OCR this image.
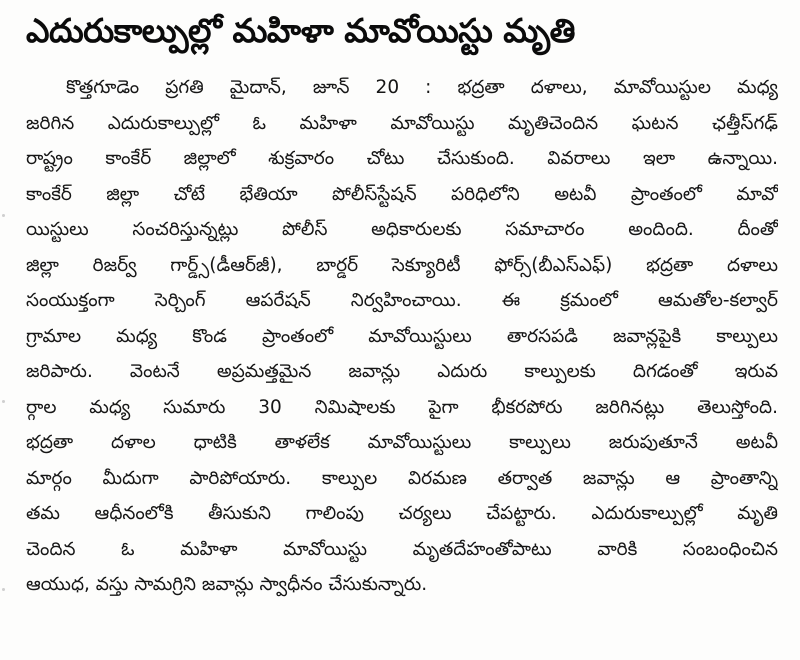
ఎదురుకాల్పుల్లో మహిళా మావోయిస్టు మృతి
కొత్తగూడెం ప్రగతి మైదాన్, జూన్ 20 : భద్రతా దళాలు, మావోయిస్టుల మధ్య
జరిగిన ఎదురుకాల్పుల్లో ఓ మహిళా మావోయిస్టు మృతిచెందిన ఘటన ఛత్తీస్‌గఢ్
రాష్ట్రం కాంకేర్ జిల్లాలో శుక్రవారం చోటు చేసుకుంది. వివరాలు ఇలా ఉన్నాయి.
కాంకేర్ జిల్లా చోటే భేతియా పోలీస్‌స్టేషన్ పరిధిలోని అటవీ ప్రాంతంలో మావో
యిస్టులు సంచరిస్తున్నట్లు పోలీస్ అధికారులకు సమాచారం అందింది. దీంతో
జిల్లా రిజర్వ్ గార్డ్స్(డీఆర్‌జీ), బార్డర్ సెక్యూరిటీ ఫోర్స్(బీఎస్‌ఎఫ్) భద్రతా దళాలు
సంయుక్తంగా సెర్చింగ్ ఆపరేషన్ నిర్వహించాయి. ఈ క్రమంలో ఆమతోల-కల్వార్
గ్రామాల మధ్య కొండ ప్రాంతంలో మావోయిస్టులు తారసపడి జవాన్లపైకి కాల్పులు
జరిపారు. వెంటనే అప్రమత్తమైన జవాన్లు ఎదురు కాల్పులకు దిగడంతో ఇరువ
ర్గాల మధ్య సుమారు 30 నిమిషాలకు పైగా భీకరపోరు జరిగినట్లు తెలుస్తోంది.
భద్రతా దళాల ధాటికి తాళలేక మావోయిస్టులు కాల్పులు జరుపుతూనే అటవీ
మార్గం మీదుగా పారిపోయారు. కాల్పుల విరమణ తర్వాత జవాన్లు ఆ ప్రాంతాన్ని
తమ ఆధీనంలోకి తీసుకుని గాలింపు చర్యలు చేపట్టారు. ఎదురుకాల్పుల్లో మృతి
చెందిన ఓ మహిళా మావోయిస్టు మృతదేహంతోపాటు వారికి సంబంధించిన
ఆయుధ, వస్తు సామగ్రిని జవాన్లు స్వాధీనం చేసుకున్నారు.
